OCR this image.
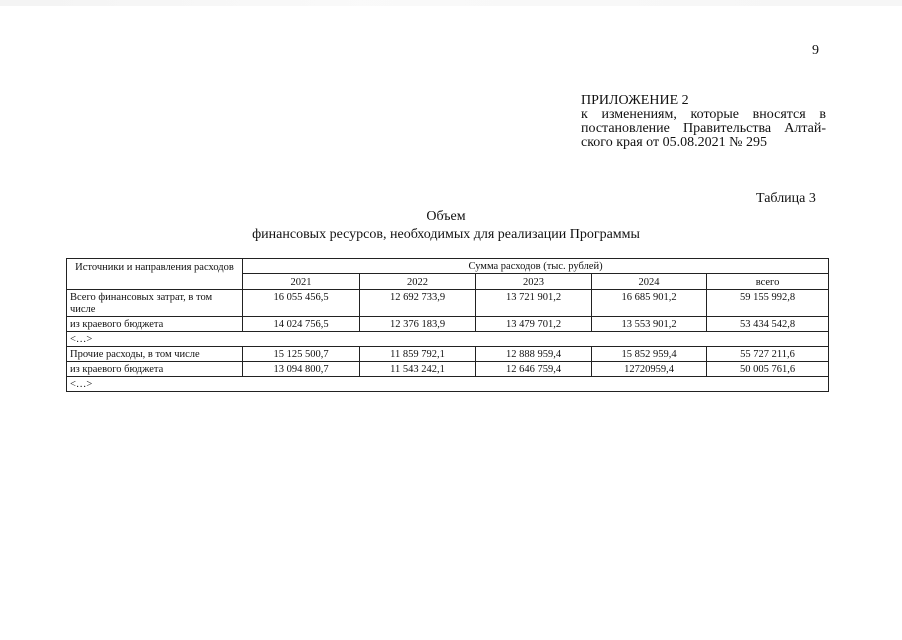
9
ПРИЛОЖЕНИЕ 2
к изменениям, которые вносятся в постановление Правительства Алтай-ского края от 05.08.2021 № 295
Таблица 3
Объем
финансовых ресурсов, необходимых для реализации Программы
Источники и направления расходов	Сумма расходов (тыс. рублей)				
	2021	2022	2023	2024	всего
Всего финансовых затрат, в том числе	16 055 456,5	12 692 733,9	13 721 901,2	16 685 901,2	59 155 992,8
из краевого бюджета	14 024 756,5	12 376 183,9	13 479 701,2	13 553 901,2	53 434 542,8
<…>					
Прочие расходы, в том числе	15 125 500,7	11 859 792,1	12 888 959,4	15 852 959,4	55 727 211,6
из краевого бюджета	13 094 800,7	11 543 242,1	12 646 759,4	12720959,4	50 005 761,6
<…>					
